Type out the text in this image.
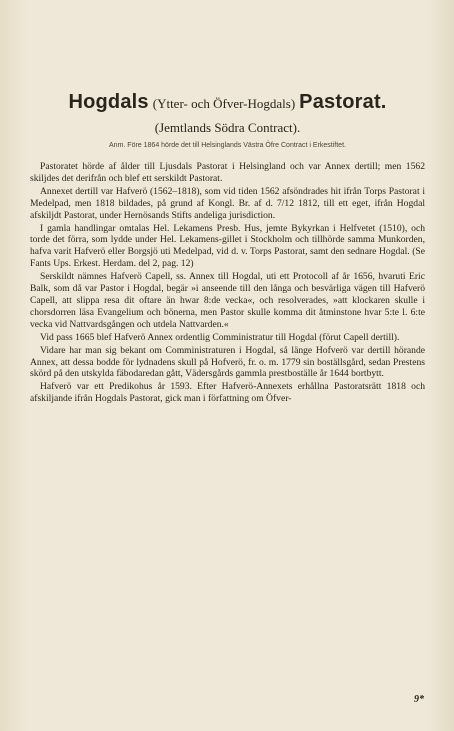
Hogdals (Ytter- och Öfver-Hogdals) Pastorat.
(Jemtlands Södra Contract).
Anm. Före 1864 hörde det till Helsinglands Västra Öfre Contract i Erkestiftet.

Pastoratet hörde af ålder till Ljusdals Pastorat i Helsingland och var Annex dertill; men 1562 skiljdes det derifrån och blef ett serskildt Pastorat.

Annexet dertill var Hafverö (1562–1818), som vid tiden 1562 afsöndrades hit ifrån Torps Pastorat i Medelpad, men 1818 bildades, på grund af Kongl. Br. af d. 7/12 1812, till ett eget, ifrån Hogdal afskiljdt Pastorat, under Hernösands Stifts andeliga jurisdiction.

I gamla handlingar omtalas Hel. Lekamens Presb. Hus, jemte Bykyrkan i Helfvetet (1510), och torde det förra, som lydde under Hel. Lekamens-gillet i Stockholm och tillhörde samma Munkorden, hafva varit Hafverö eller Borgsjö uti Medelpad, vid d. v. Torps Pastorat, samt den sednare Hogdal. (Se Fants Ups. Erkest. Herdam. del 2, pag. 12)

Serskildt nämnes Hafverö Capell, ss. Annex till Hogdal, uti ett Protocoll af år 1656, hvaruti Eric Balk, som då var Pastor i Hogdal, begär »i anseende till den långa och besvärliga vägen till Hafverö Capell, att slippa resa dit oftare än hwar 8:de vecka«, och resolverades, »att klockaren skulle i chorsdorren läsa Evangelium och bönerna, men Pastor skulle komma dit åtminstone hvar 5:te l. 6:te vecka vid Nattvardsgången och utdela Nattvarden.«

Vid pass 1665 blef Hafverö Annex ordentlig Comministratur till Hogdal (förut Capell dertill).

Vidare har man sig bekant om Comministraturen i Hogdal, så länge Hofverö var dertill hörande Annex, att dessa bodde för lydnadens skull på Hofverö, fr. o. m. 1779 sin boställsgård, sedan Prestens skörd på den utskylda fäbodaredan gått, Vädersgårds gammla prestboställe år 1644 bortbytt.

Hafverö var ett Predikohus år 1593. Efter Hafverö-Annexets erhållna Pastoratsrätt 1818 och afskiljande ifrån Hogdals Pastorat, gick man i författning om Öfver-

9*
